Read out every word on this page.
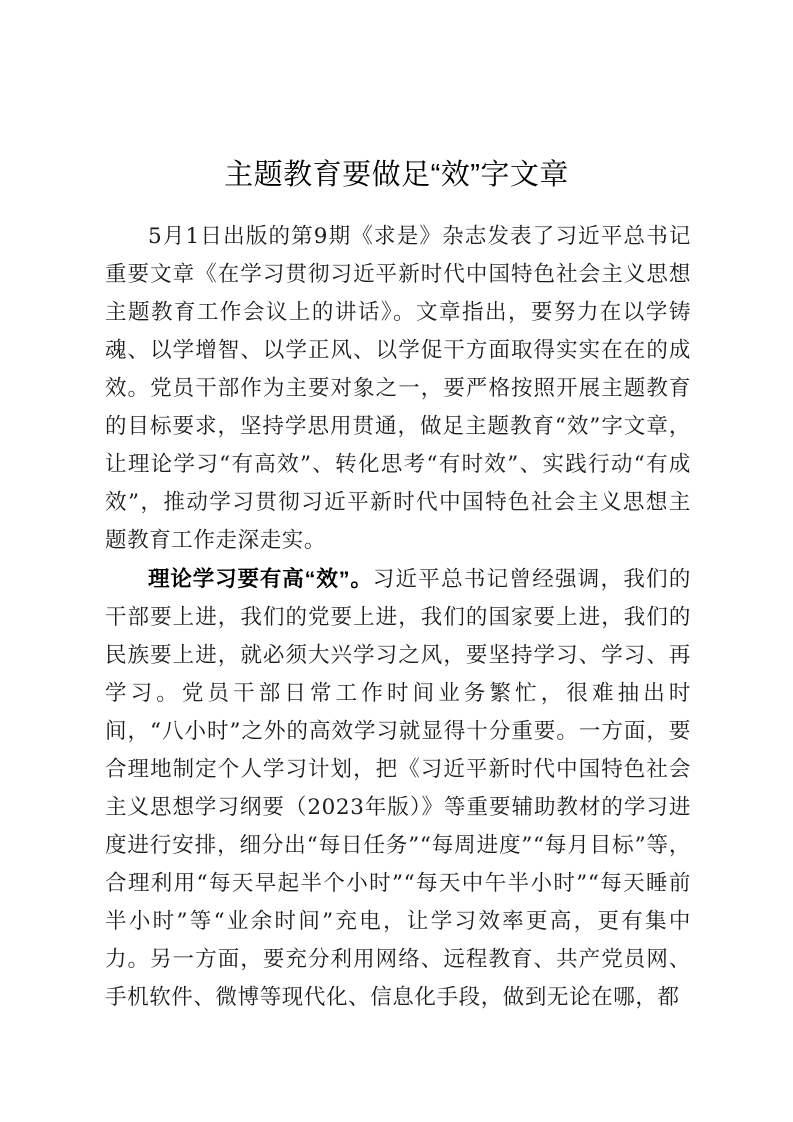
主题教育要做足“效”字文章

5月1日出版的第9期《求是》杂志发表了习近平总书记重要文章《在学习贯彻习近平新时代中国特色社会主义思想主题教育工作会议上的讲话》。文章指出，要努力在以学铸魂、以学增智、以学正风、以学促干方面取得实实在在的成效。党员干部作为主要对象之一，要严格按照开展主题教育的目标要求，坚持学思用贯通，做足主题教育“效”字文章，让理论学习“有高效”、转化思考“有时效”、实践行动“有成效”，推动学习贯彻习近平新时代中国特色社会主义思想主题教育工作走深走实。

理论学习要有高“效”。习近平总书记曾经强调，我们的干部要上进，我们的党要上进，我们的国家要上进，我们的民族要上进，就必须大兴学习之风，要坚持学习、学习、再学习。党员干部日常工作时间业务繁忙，很难抽出时间，“八小时”之外的高效学习就显得十分重要。一方面，要合理地制定个人学习计划，把《习近平新时代中国特色社会主义思想学习纲要（2023年版）》等重要辅助教材的学习进度进行安排，细分出“每日任务”“每周进度”“每月目标”等，合理利用“每天早起半个小时”“每天中午半小时”“每天睡前半小时”等“业余时间”充电，让学习效率更高，更有集中力。另一方面，要充分利用网络、远程教育、共产党员网、手机软件、微博等现代化、信息化手段，做到无论在哪，都
